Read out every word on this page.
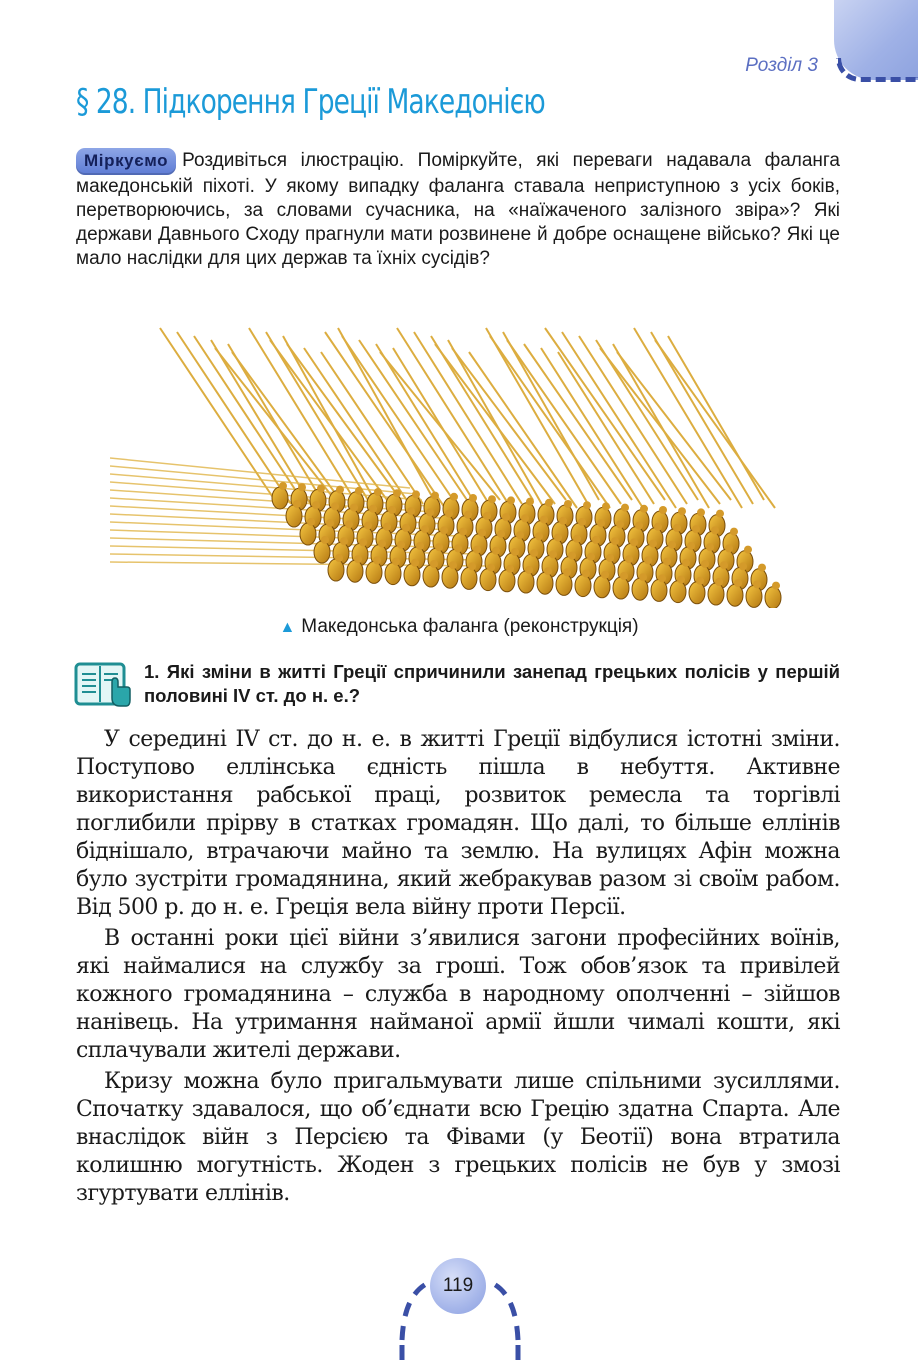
Розділ 3
§ 28. Підкорення Греції Македонією
Міркуємо Роздивіться ілюстрацію. Поміркуйте, які переваги надавала фаланга македонській піхоті. У якому випадку фаланга ставала неприступною з усіх боків, перетворюючись, за словами сучасника, на «наїжаченого залізного звіра»? Які держави Давнього Сходу прагнули мати розвинене й добре оснащене військо? Які це мало наслідки для цих держав та їхніх сусідів?
▲ Македонська фаланга (реконструкція)
1. Які зміни в житті Греції спричинили занепад грецьких полісів у першій половині IV ст. до н. е.?

У середині IV ст. до н. е. в житті Греції відбулися істотні зміни. Поступово еллінська єдність пішла в небуття. Активне використання рабської праці, розвиток ремесла та торгівлі поглибили прірву в статках громадян. Що далі, то більше еллінів біднішало, втрачаючи майно та землю. На вулицях Афін можна було зустріти громадянина, який жебракував разом зі своїм рабом. Від 500 р. до н. е. Греція вела війну проти Персії.

В останні роки цієї війни з’явилися загони професійних воїнів, які наймалися на службу за гроші. Тож обов’язок та привілей кожного громадянина – служба в народному ополченні – зійшов нанівець. На утримання найманої армії йшли чималі кошти, які сплачували жителі держави.

Кризу можна було пригальмувати лише спільними зусиллями. Спочатку здавалося, що об’єднати всю Грецію здатна Спарта. Але внаслідок війн з Персією та Фівами (у Беотії) вона втратила колишню могутність. Жоден з грецьких полісів не був у змозі згуртувати еллінів.

119
